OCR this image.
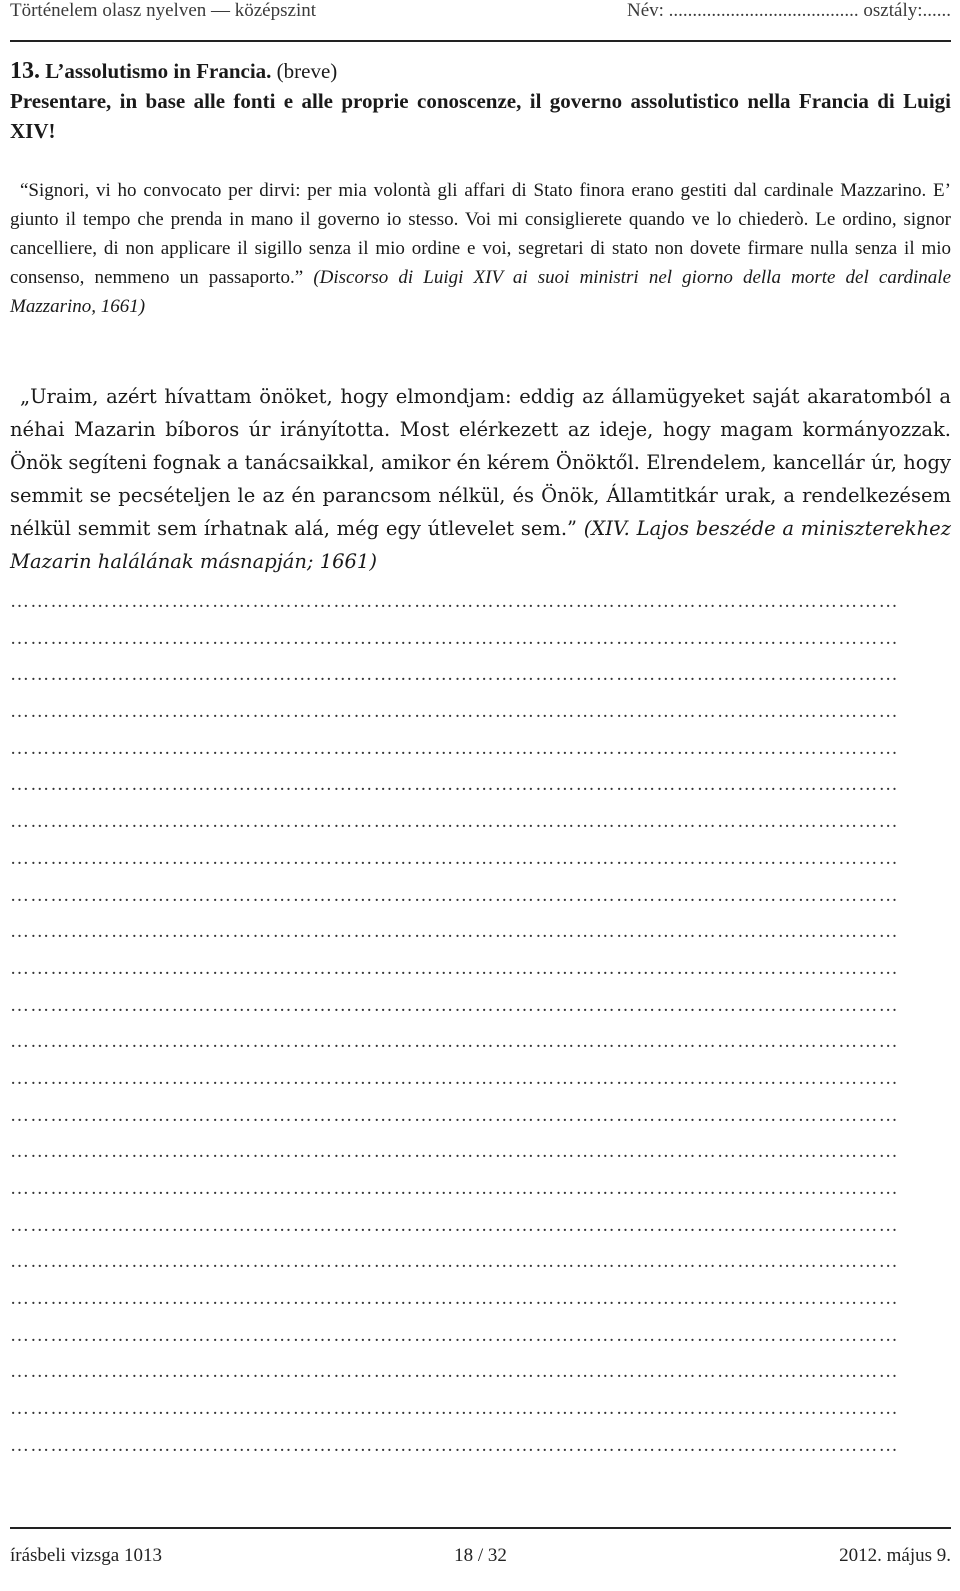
Történelem olasz nyelven — középszint	Név: ........................................ osztály:......

13. L’assolutismo in Francia. (breve)

Presentare, in base alle fonti e alle proprie conoscenze, il governo assolutistico nella Francia di Luigi XIV!

“Signori, vi ho convocato per dirvi: per mia volontà gli affari di Stato finora erano gestiti dal cardinale Mazzarino. E’ giunto il tempo che prenda in mano il governo io stesso. Voi mi consiglierete quando ve lo chiederò. Le ordino, signor cancelliere, di non applicare il sigillo senza il mio ordine e voi, segretari di stato non dovete firmare nulla senza il mio consenso, nemmeno un passaporto.” (Discorso di Luigi XIV ai suoi ministri nel giorno della morte del cardinale Mazzarino, 1661)

„Uraim, azért hívattam önöket, hogy elmondjam: eddig az államügyeket saját akaratomból a néhai Mazarin bíboros úr irányította. Most elérkezett az ideje, hogy magam kormányozzak. Önök segíteni fognak a tanácsaikkal, amikor én kérem Önöktől. Elrendelem, kancellár úr, hogy semmit se pecsételjen le az én parancsom nélkül, és Önök, Államtitkár urak, a rendelkezésem nélkül semmit sem írhatnak alá, még egy útlevelet sem.” (XIV. Lajos beszéde a miniszterekhez Mazarin halálának másnapján; 1661)

……………………………………………………………………………………………………………………
……………………………………………………………………………………………………………………
……………………………………………………………………………………………………………………
……………………………………………………………………………………………………………………
……………………………………………………………………………………………………………………
……………………………………………………………………………………………………………………
……………………………………………………………………………………………………………………
……………………………………………………………………………………………………………………
……………………………………………………………………………………………………………………
……………………………………………………………………………………………………………………
……………………………………………………………………………………………………………………
……………………………………………………………………………………………………………………
……………………………………………………………………………………………………………………
……………………………………………………………………………………………………………………
……………………………………………………………………………………………………………………
……………………………………………………………………………………………………………………
……………………………………………………………………………………………………………………
……………………………………………………………………………………………………………………
……………………………………………………………………………………………………………………
……………………………………………………………………………………………………………………
……………………………………………………………………………………………………………………
……………………………………………………………………………………………………………………
……………………………………………………………………………………………………………………
……………………………………………………………………………………………………………………
írásbeli vizsga 1013	18 / 32	2012. május 9.
